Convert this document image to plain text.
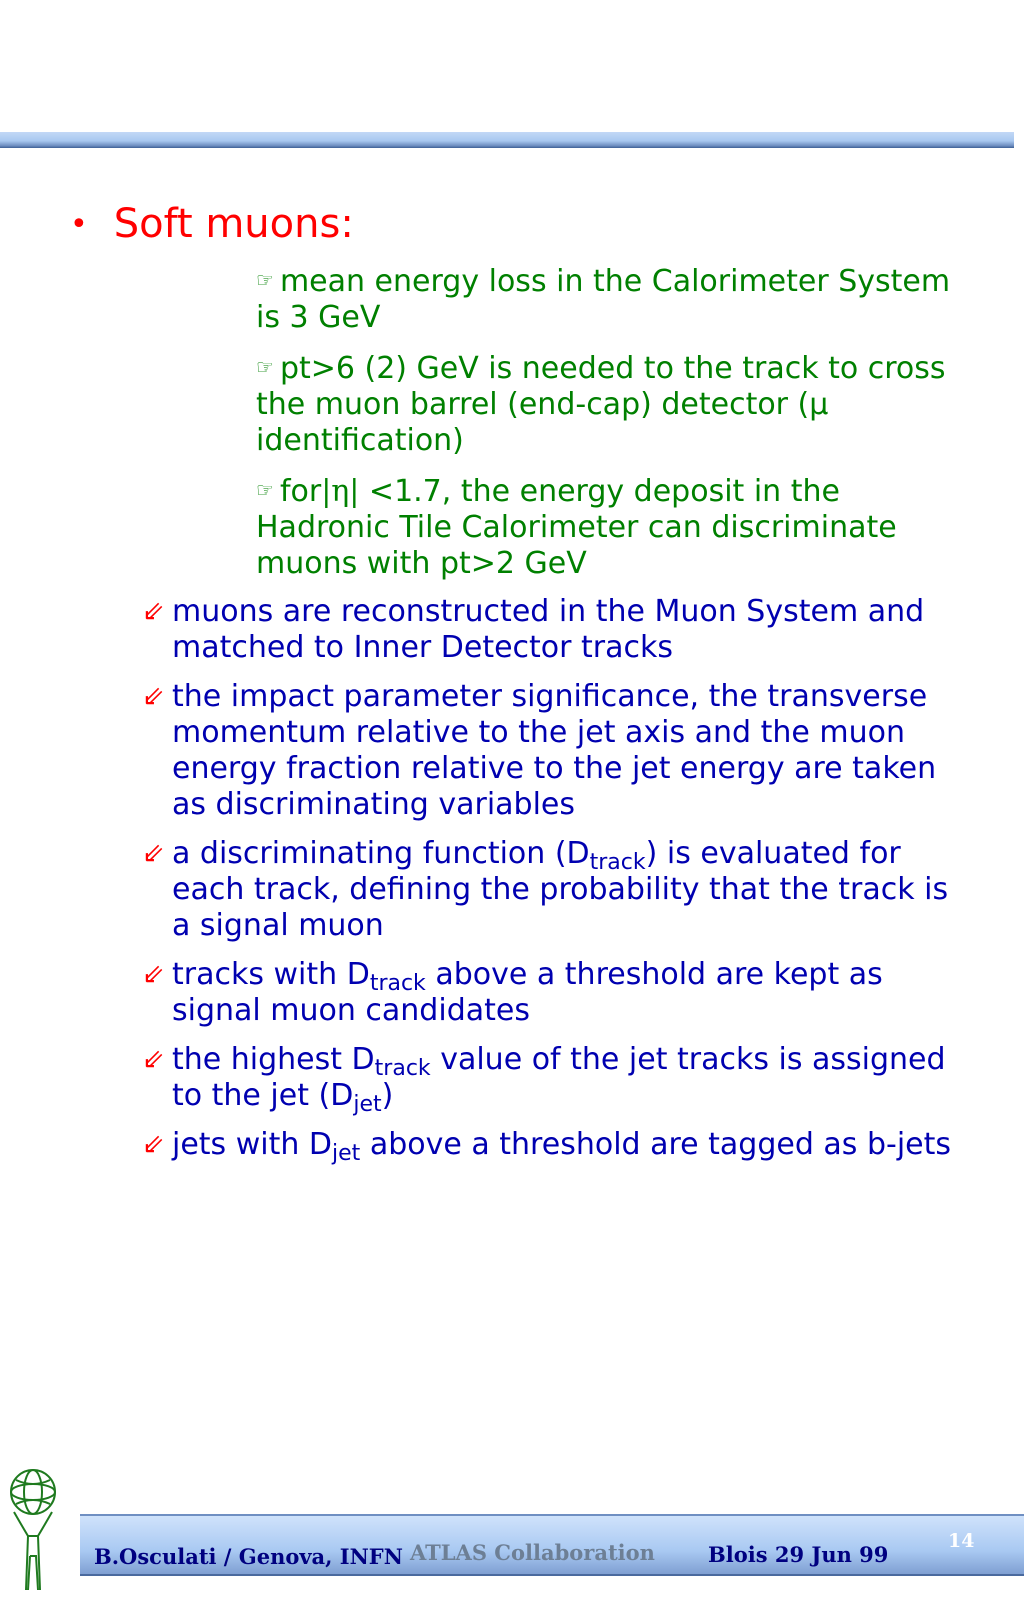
• Soft muons:
☞ mean energy loss in the Calorimeter System is 3 GeV
☞ pt>6 (2) GeV is needed to the track to cross the muon barrel (end-cap) detector (μ identification)
☞ for|η| <1.7, the energy deposit in the Hadronic Tile Calorimeter can discriminate muons with pt>2 GeV
⇙ muons are reconstructed in the Muon System and matched to Inner Detector tracks
⇙ the impact parameter significance, the transverse momentum relative to the jet axis and the muon energy fraction relative to the jet energy are taken as discriminating variables
⇙ a discriminating function $(D_{track})$ is evaluated for each track, defining the probability that the track is a signal muon
⇙ tracks with $D_{track}$ above a threshold are kept as signal muon candidates
⇙ the highest $D_{track}$ value of the jet tracks is assigned to the jet $(D_{jet})$
⇙ jets with $D_{jet}$ above a threshold are tagged as b-jets
B.Osculati / Genova, INFN ATLAS Collaboration	Blois 29 Jun 99
14
